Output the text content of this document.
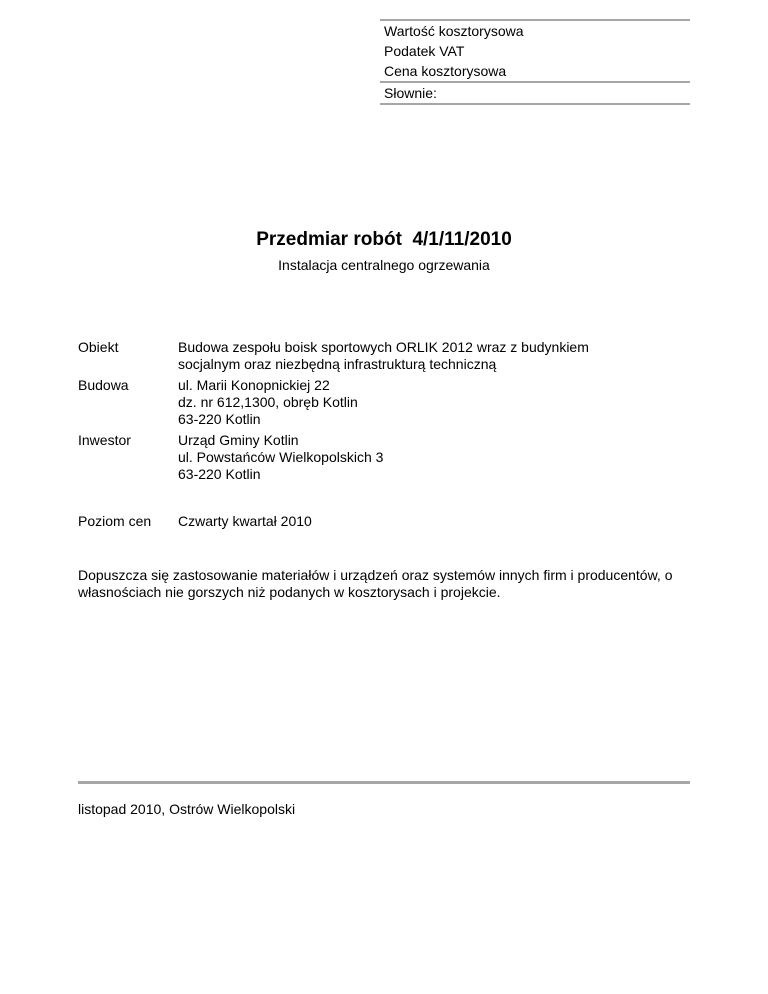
Wartość kosztorysowa
Podatek VAT
Cena kosztorysowa
Słownie:
Przedmiar robót  4/1/11/2010
Instalacja centralnego ogrzewania
Obiekt	Budowa zespołu boisk sportowych ORLIK 2012 wraz z budynkiem
socjalnym oraz niezbędną infrastrukturą techniczną
Budowa	ul. Marii Konopnickiej 22
dz. nr 612,1300, obręb Kotlin
63-220 Kotlin
Inwestor	Urząd Gminy Kotlin
ul. Powstańców Wielkopolskich 3
63-220 Kotlin
Poziom cen	Czwarty kwartał 2010
Dopuszcza się zastosowanie materiałów i urządzeń oraz systemów innych firm i producentów, o własnościach nie gorszych niż podanych w kosztorysach i projekcie.
listopad 2010, Ostrów Wielkopolski
